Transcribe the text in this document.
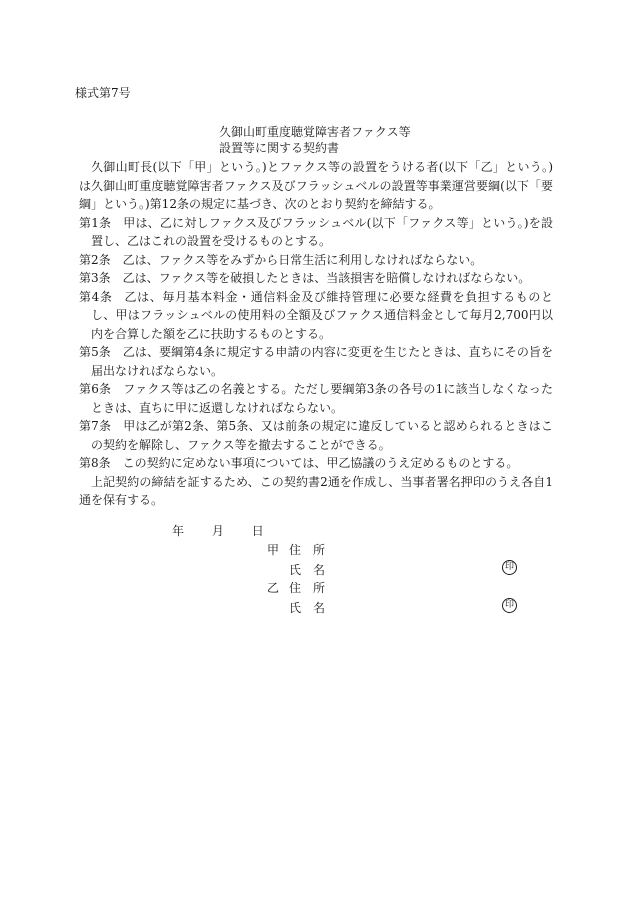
様式第7号
久御山町重度聴覚障害者ファクス等
設置等に関する契約書

久御山町長(以下「甲」という。)とファクス等の設置をうける者(以下「乙」という。)は久御山町重度聴覚障害者ファクス及びフラッシュベルの設置等事業運営要綱(以下「要綱」という。)第12条の規定に基づき、次のとおり契約を締結する。

第1条 甲は、乙に対しファクス及びフラッシュベル(以下「ファクス等」という。)を設置し、乙はこれの設置を受けるものとする。

第2条 乙は、ファクス等をみずから日常生活に利用しなければならない。

第3条 乙は、ファクス等を破損したときは、当該損害を賠償しなければならない。

第4条 乙は、毎月基本料金・通信料金及び維持管理に必要な経費を負担するものとし、甲はフラッシュベルの使用料の全額及びファクス通信料金として毎月2,700円以内を合算した額を乙に扶助するものとする。

第5条 乙は、要綱第4条に規定する申請の内容に変更を生じたときは、直ちにその旨を届出なければならない。

第6条 ファクス等は乙の名義とする。ただし要綱第3条の各号の1に該当しなくなったときは、直ちに甲に返還しなければならない。

第7条 甲は乙が第2条、第5条、又は前条の規定に違反していると認められるときはこの契約を解除し、ファクス等を撤去することができる。

第8条 この契約に定めない事項については、甲乙協議のうえ定めるものとする。

上記契約の締結を証するため、この契約書2通を作成し、当事者署名押印のうえ各自1通を保有する。

年 月 日
甲 住　所
氏　名	印
乙 住　所
氏　名	印
